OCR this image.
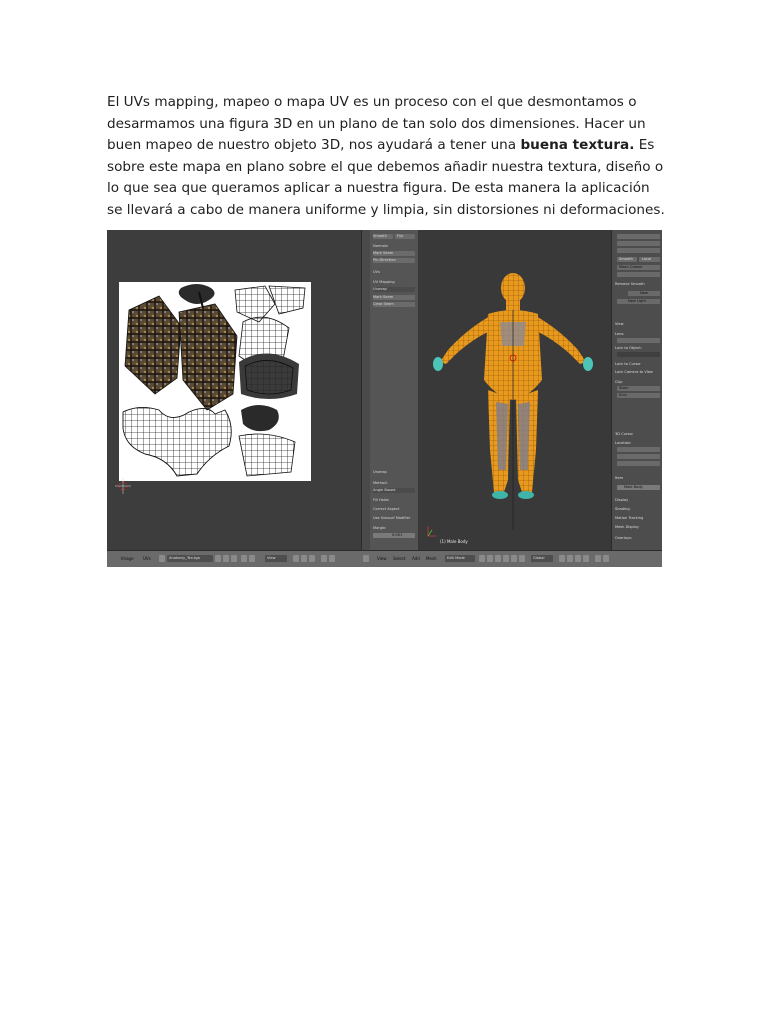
El UVs mapping, mapeo o mapa UV es un proceso con el que desmontamos o desarmamos una figura 3D en un plano de tan solo dos dimensiones. Hacer un buen mapeo de nuestro objeto 3D, nos ayudará a tener una buena textura. Es sobre este mapa en plano sobre el que debemos añadir nuestra textura, diseño o lo que sea que queramos aplicar a nuestra figura. De esta manera la aplicación se llevará a cabo de manera uniforme y limpia, sin distorsiones ni deformaciones.

Smooth	Flip
Normals
Mark Seam
Pin Direction
UVs
UV Mapping
Unwrap
Mark Seam
Clear Seam
Unwrap
Method:
Angle Based
Fill Holes
Correct Aspect
Use Subsurf Modifier
Margin:
0.001
(1) Male Body
Smooth	Local
Mean Crease
Remove Smooth
New
New Light
View
Lens:
Lock to Object:
Lock to Cursor
Lock Camera to View
Clip:
Start:
End:
3D Cursor
Location:
Item
Male Body
Display
Shading
Motion Tracking
Mesh Display
Overlays:
Image UVs	Anatomy_Tex.tga	View	View Select Add Mesh	Edit Mode	Global
